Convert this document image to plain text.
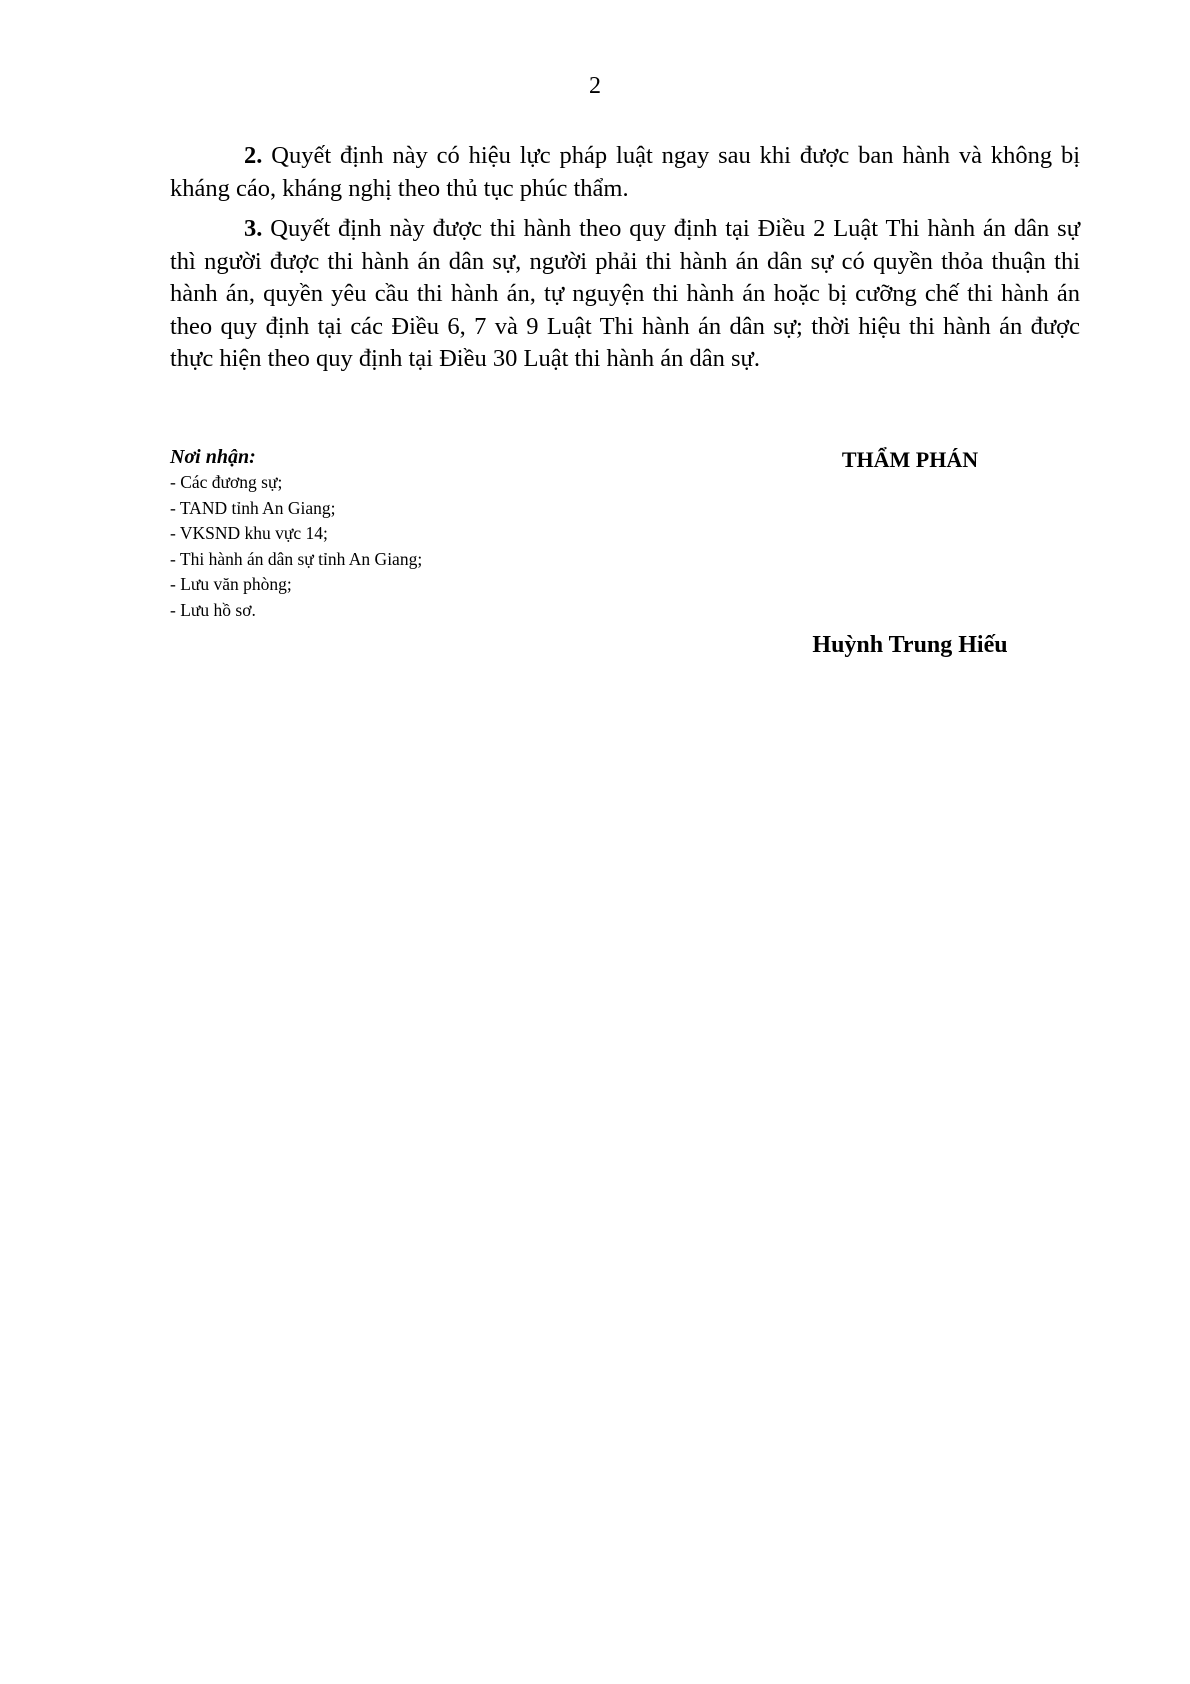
2

2. Quyết định này có hiệu lực pháp luật ngay sau khi được ban hành và không bị kháng cáo, kháng nghị theo thủ tục phúc thẩm.

3. Quyết định này được thi hành theo quy định tại Điều 2 Luật Thi hành án dân sự thì người được thi hành án dân sự, người phải thi hành án dân sự có quyền thỏa thuận thi hành án, quyền yêu cầu thi hành án, tự nguyện thi hành án hoặc bị cưỡng chế thi hành án theo quy định tại các Điều 6, 7 và 9 Luật Thi hành án dân sự; thời hiệu thi hành án được thực hiện theo quy định tại Điều 30 Luật thi hành án dân sự.

Nơi nhận:
- Các đương sự;
- TAND tỉnh An Giang;
- VKSND khu vực 14;
- Thi hành án dân sự tỉnh An Giang;
- Lưu văn phòng;
- Lưu hồ sơ.
THẨM PHÁN
Huỳnh Trung Hiếu
